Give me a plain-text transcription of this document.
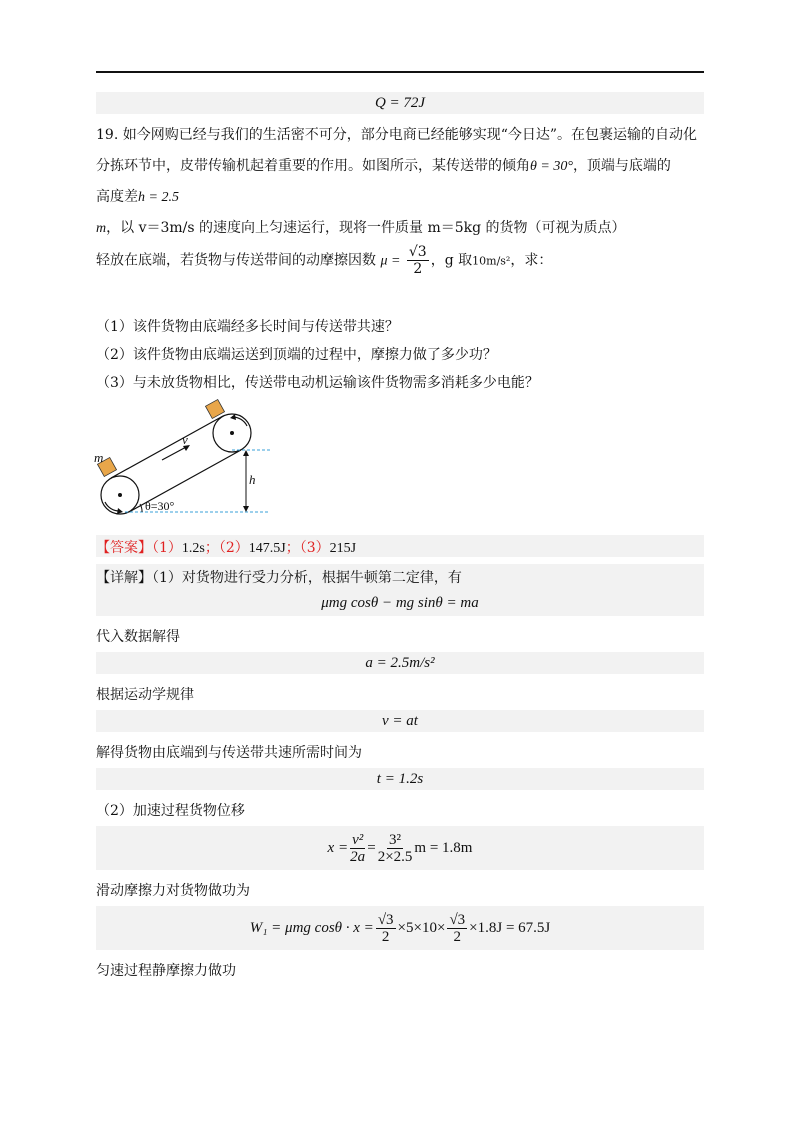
Q = 72J
19. 如今网购已经与我们的生活密不可分，部分电商已经能够实现“今日达”。在包裹运输的自动化分拣环节中，皮带传输机起着重要的作用。如图所示，某传送带的倾角θ = 30°，顶端与底端的
高度差h = 2.5 m，以 v＝3m/s 的速度向上匀速运行，现将一件质量 m＝5kg 的货物（可视为质点）
轻放在底端，若货物与传送带间的动摩擦因数 $\mu = \frac{√3}{2}$ ，g 取10m/s²，求：
（1）该件货物由底端经多长时间与传送带共速？
（2）该件货物由底端运送到顶端的过程中，摩擦力做了多少功？
（3）与未放货物相比，传送带电动机运输该件货物需多消耗多少电能？
m
v
h
θ=30°
【答案】（1）1.2s；（2）147.5J；（3）215J
【详解】（1）对货物进行受力分析，根据牛顿第二定律，有
μmg cosθ − mg sinθ = ma
代入数据解得
a = 2.5m/s²
根据运动学规律
v = at
解得货物由底端到与传送带共速所需时间为
t = 1.2s
（2）加速过程货物位移
$x = \frac{\text{v²}}{2a} = \frac{\text{3²}}{2\times 2.5}$ m = 1.8m
滑动摩擦力对货物做功为
W₁ = μmg $\cos\theta \cdot x = \frac{√3}{2} \times 5\times 10\times \frac{√3}{2} \times 1.8J = 67.5J$
匀速过程静摩擦力做功
